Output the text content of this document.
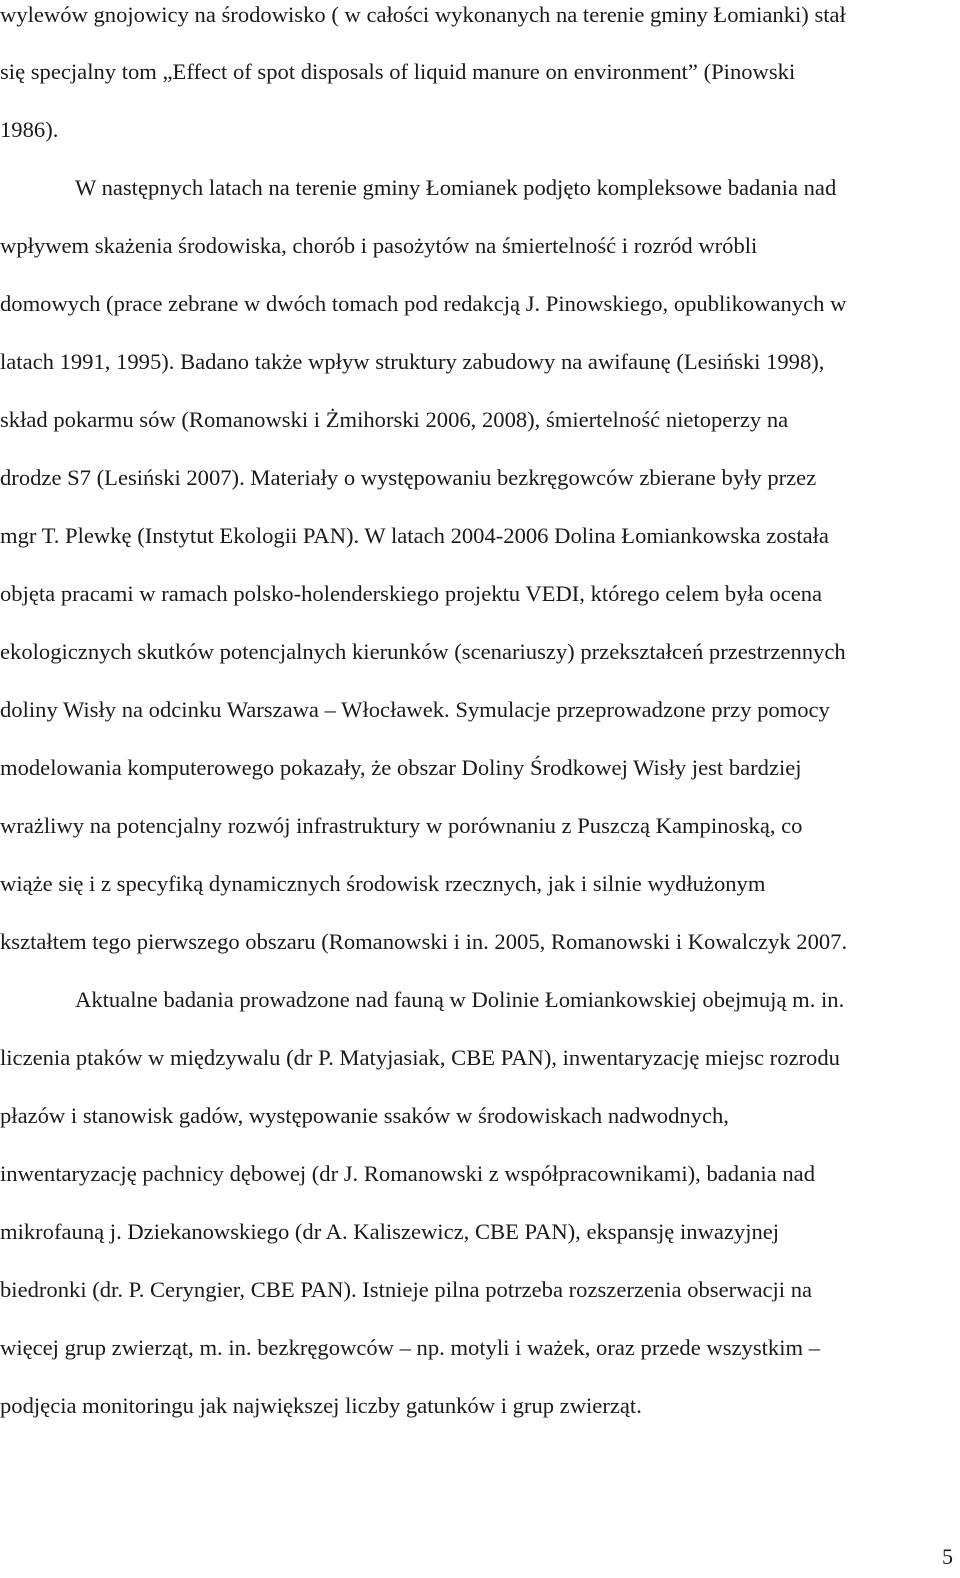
wylewów gnojowicy na środowisko ( w całości wykonanych na terenie gminy Łomianki) stał
się specjalny tom „Effect of spot disposals of liquid manure on environment” (Pinowski
1986).
W następnych latach na terenie gminy Łomianek podjęto kompleksowe badania nad
wpływem skażenia środowiska, chorób i pasożytów na śmiertelność i rozród wróbli
domowych (prace zebrane w dwóch tomach pod redakcją J. Pinowskiego, opublikowanych w
latach 1991, 1995). Badano także wpływ struktury zabudowy na awifaunę (Lesiński 1998),
skład pokarmu sów (Romanowski i Żmihorski 2006, 2008), śmiertelność nietoperzy na
drodze S7 (Lesiński 2007). Materiały o występowaniu bezkręgowców zbierane były przez
mgr T. Plewkę (Instytut Ekologii PAN). W latach 2004-2006 Dolina Łomiankowska została
objęta pracami w ramach polsko-holenderskiego projektu VEDI, którego celem była ocena
ekologicznych skutków potencjalnych kierunków (scenariuszy) przekształceń przestrzennych
doliny Wisły na odcinku Warszawa – Włocławek. Symulacje przeprowadzone przy pomocy
modelowania komputerowego pokazały, że obszar Doliny Środkowej Wisły jest bardziej
wrażliwy na potencjalny rozwój infrastruktury w porównaniu z Puszczą Kampinoską, co
wiąże się i z specyfiką dynamicznych środowisk rzecznych, jak i silnie wydłużonym
kształtem tego pierwszego obszaru (Romanowski i in. 2005, Romanowski i Kowalczyk 2007.
Aktualne badania prowadzone nad fauną w Dolinie Łomiankowskiej obejmują m. in.
liczenia ptaków w międzywalu (dr P. Matyjasiak, CBE PAN), inwentaryzację miejsc rozrodu
płazów i stanowisk gadów, występowanie ssaków w środowiskach nadwodnych,
inwentaryzację pachnicy dębowej (dr J. Romanowski z współpracownikami), badania nad
mikrofauną j. Dziekanowskiego (dr A. Kaliszewicz, CBE PAN), ekspansję inwazyjnej
biedronki (dr. P. Ceryngier, CBE PAN). Istnieje pilna potrzeba rozszerzenia obserwacji na
więcej grup zwierząt, m. in. bezkręgowców – np. motyli i ważek, oraz przede wszystkim –
podjęcia monitoringu jak największej liczby gatunków i grup zwierząt.
5
